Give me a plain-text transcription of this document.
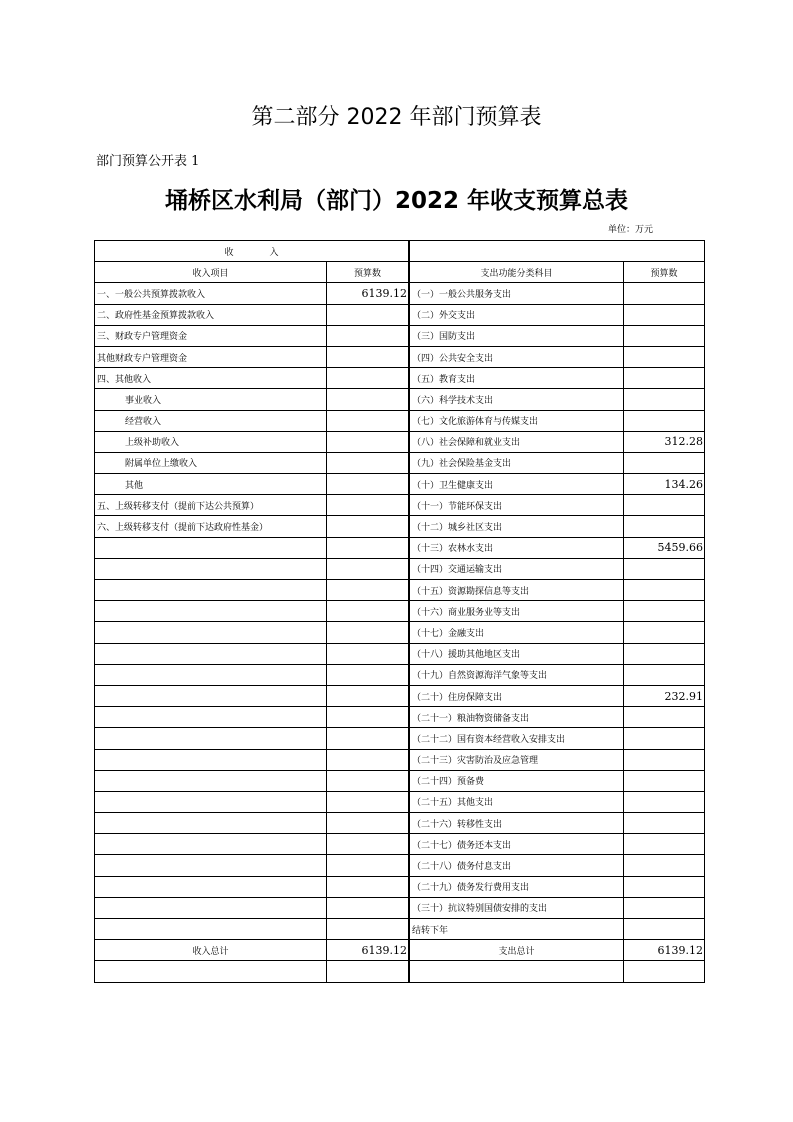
第二部分 2022 年部门预算表
部门预算公开表 1
埇桥区水利局（部门）2022 年收支预算总表
单位：万元
收　　　　入			
收入项目	预算数		支出功能分类科目	预算数
一、一般公共预算拨款收入	6139.12		（一）一般公共服务支出	
二、政府性基金预算拨款收入			（二）外交支出	
三、财政专户管理资金			（三）国防支出	
其他财政专户管理资金			（四）公共安全支出	
四、其他收入			（五）教育支出	
事业收入			（六）科学技术支出	
经营收入			（七）文化旅游体育与传媒支出	
上级补助收入			（八）社会保障和就业支出	312.28
附属单位上缴收入			（九）社会保险基金支出	
其他			（十）卫生健康支出	134.26
五、上级转移支付（提前下达公共预算）			（十一）节能环保支出	
六、上级转移支付（提前下达政府性基金）			（十二）城乡社区支出	
			（十三）农林水支出	5459.66
			（十四）交通运输支出	
			（十五）资源勘探信息等支出	
			（十六）商业服务业等支出	
			（十七）金融支出	
			（十八）援助其他地区支出	
			（十九）自然资源海洋气象等支出	
			（二十）住房保障支出	232.91
			（二十一）粮油物资储备支出	
			（二十二）国有资本经营收入安排支出	
			（二十三）灾害防治及应急管理	
			（二十四）预备费	
			（二十五）其他支出	
			（二十六）转移性支出	
			（二十七）债务还本支出	
			（二十八）债务付息支出	
			（二十九）债务发行费用支出	
			（三十）抗议特别国债安排的支出	
			结转下年	
收入总计	6139.12		支出总计	6139.12
